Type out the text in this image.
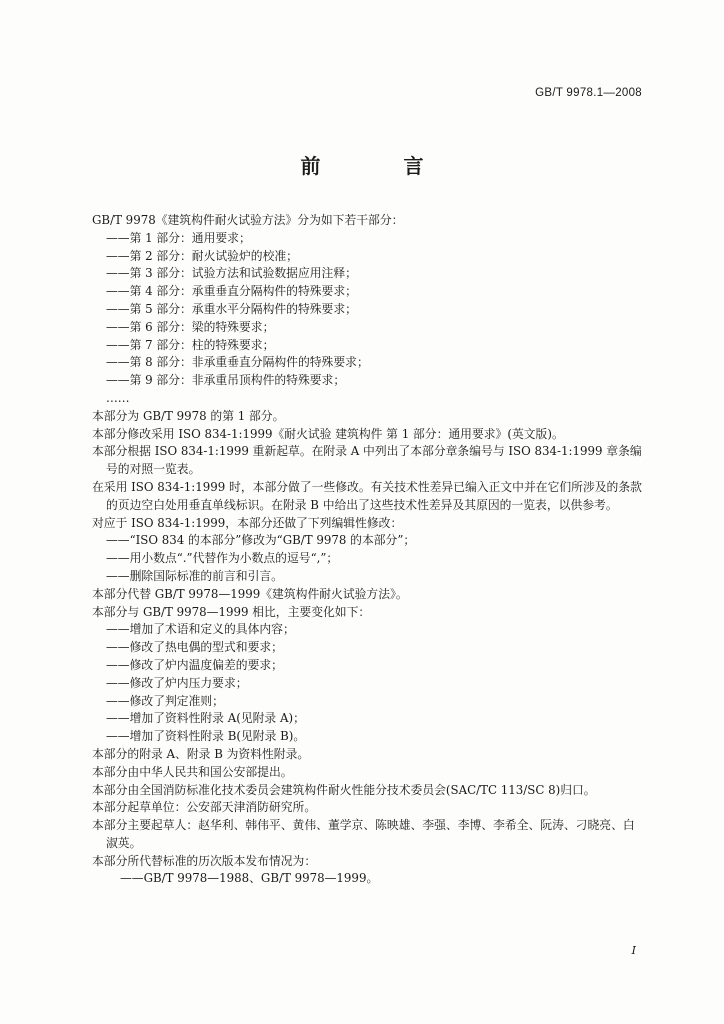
GB/T 9978.1—2008
前 言
GB/T 9978《建筑构件耐火试验方法》分为如下若干部分：
——第 1 部分：通用要求；
——第 2 部分：耐火试验炉的校准；
——第 3 部分：试验方法和试验数据应用注释；
——第 4 部分：承重垂直分隔构件的特殊要求；
——第 5 部分：承重水平分隔构件的特殊要求；
——第 6 部分：梁的特殊要求；
——第 7 部分：柱的特殊要求；
——第 8 部分：非承重垂直分隔构件的特殊要求；
——第 9 部分：非承重吊顶构件的特殊要求；
……
本部分为 GB/T 9978 的第 1 部分。
本部分修改采用 ISO 834-1:1999《耐火试验 建筑构件 第 1 部分：通用要求》(英文版)。
本部分根据 ISO 834-1:1999 重新起草。在附录 A 中列出了本部分章条编号与 ISO 834-1:1999 章条编号的对照一览表。
在采用 ISO 834-1:1999 时，本部分做了一些修改。有关技术性差异已编入正文中并在它们所涉及的条款的页边空白处用垂直单线标识。在附录 B 中给出了这些技术性差异及其原因的一览表，以供参考。
对应于 ISO 834-1:1999，本部分还做了下列编辑性修改：
——“ISO 834 的本部分”修改为“GB/T 9978 的本部分”；
——用小数点“.”代替作为小数点的逗号“,”；
——删除国际标准的前言和引言。
本部分代替 GB/T 9978—1999《建筑构件耐火试验方法》。
本部分与 GB/T 9978—1999 相比，主要变化如下：
——增加了术语和定义的具体内容；
——修改了热电偶的型式和要求；
——修改了炉内温度偏差的要求；
——修改了炉内压力要求；
——修改了判定准则；
——增加了资料性附录 A(见附录 A)；
——增加了资料性附录 B(见附录 B)。
本部分的附录 A、附录 B 为资料性附录。
本部分由中华人民共和国公安部提出。
本部分由全国消防标准化技术委员会建筑构件耐火性能分技术委员会(SAC/TC 113/SC 8)归口。
本部分起草单位：公安部天津消防研究所。
本部分主要起草人：赵华利、韩伟平、黄伟、董学京、陈映雄、李强、李博、李希全、阮涛、刁晓亮、白淑英。
本部分所代替标准的历次版本发布情况为：
——GB/T 9978—1988、GB/T 9978—1999。
I
